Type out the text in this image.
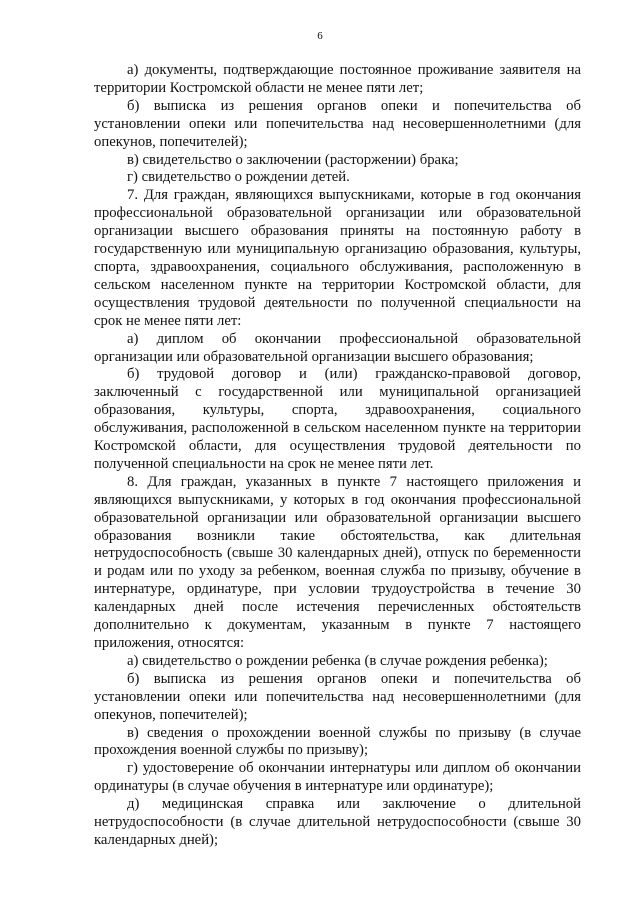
6

а) документы, подтверждающие постоянное проживание заявителя на территории Костромской области не менее пяти лет;

б) выписка из решения органов опеки и попечительства об установлении опеки или попечительства над несовершеннолетними (для опекунов, попечителей);

в) свидетельство о заключении (расторжении) брака;

г) свидетельство о рождении детей.

7. Для граждан, являющихся выпускниками, которые в год окончания профессиональной образовательной организации или образовательной организации высшего образования приняты на постоянную работу в государственную или муниципальную организацию образования, культуры, спорта, здравоохранения, социального обслуживания, расположенную в сельском населенном пункте на территории Костромской области, для осуществления трудовой деятельности по полученной специальности на срок не менее пяти лет:

а) диплом об окончании профессиональной образовательной организации или образовательной организации высшего образования;

б) трудовой договор и (или) гражданско-правовой договор, заключенный с государственной или муниципальной организацией образования, культуры, спорта, здравоохранения, социального обслуживания, расположенной в сельском населенном пункте на территории Костромской области, для осуществления трудовой деятельности по полученной специальности на срок не менее пяти лет.

8. Для граждан, указанных в пункте 7 настоящего приложения и являющихся выпускниками, у которых в год окончания профессиональной образовательной организации или образовательной организации высшего образования возникли такие обстоятельства, как длительная нетрудоспособность (свыше 30 календарных дней), отпуск по беременности и родам или по уходу за ребенком, военная служба по призыву, обучение в интернатуре, ординатуре, при условии трудоустройства в течение 30 календарных дней после истечения перечисленных обстоятельств дополнительно к документам, указанным в пункте 7 настоящего приложения, относятся:

а) свидетельство о рождении ребенка (в случае рождения ребенка);

б) выписка из решения органов опеки и попечительства об установлении опеки или попечительства над несовершеннолетними (для опекунов, попечителей);

в) сведения о прохождении военной службы по призыву (в случае прохождения военной службы по призыву);

г) удостоверение об окончании интернатуры или диплом об окончании ординатуры (в случае обучения в интернатуре или ординатуре);

д) медицинская справка или заключение о длительной нетрудоспособности (в случае длительной нетрудоспособности (свыше 30 календарных дней);
